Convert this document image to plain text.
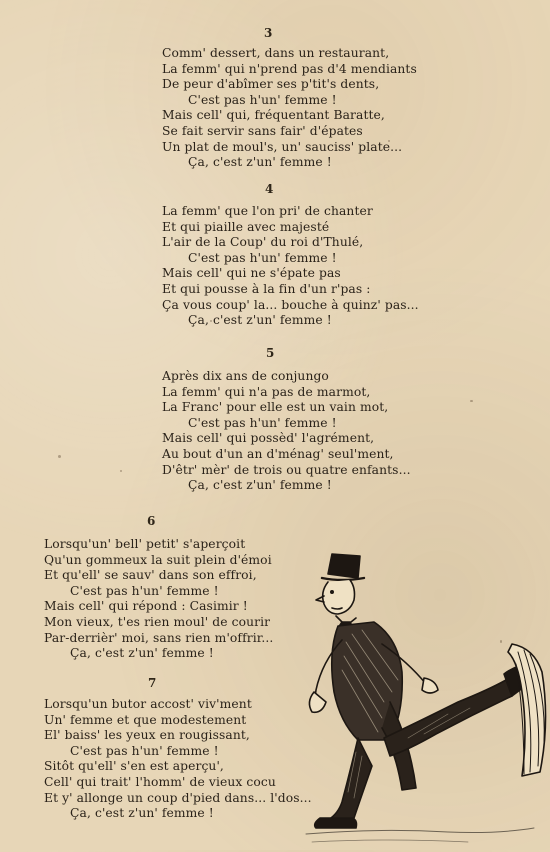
3
Comm' dessert, dans un restaurant,
La femm' qui n'prend pas d'4 mendiants
De peur d'abîmer ses p'tit's dents,
C'est pas h'un' femme !
Mais cell' qui, fréquentant Baratte,
Se fait servir sans fair' d'épates
Un plat de moul's, un' sauciss' plate...
Ça, c'est z'un' femme !
4
La femm' que l'on pri' de chanter
Et qui piaille avec majesté
L'air de la Coup' du roi d'Thulé,
C'est pas h'un' femme !
Mais cell' qui ne s'épate pas
Et qui pousse à la fin d'un r'pas :
Ça vous coup' la... bouche à quinz' pas...
Ça, c'est z'un' femme !
5
Après dix ans de conjungo
La femm' qui n'a pas de marmot,
La Franc' pour elle est un vain mot,
C'est pas h'un' femme !
Mais cell' qui possèd' l'agrément,
Au bout d'un an d'ménag' seul'ment,
D'êtr' mèr' de trois ou quatre enfants...
Ça, c'est z'un' femme !
6
Lorsqu'un' bell' petit' s'aperçoit
Qu'un gommeux la suit plein d'émoi
Et qu'ell' se sauv' dans son effroi,
C'est pas h'un' femme !
Mais cell' qui répond : Casimir !
Mon vieux, t'es rien moul' de courir
Par-derrièr' moi, sans rien m'offrir...
Ça, c'est z'un' femme !
7
Lorsqu'un butor accost' viv'ment
Un' femme et que modestement
El' baiss' les yeux en rougissant,
C'est pas h'un' femme !
Sitôt qu'ell' s'en est aperçu',
Cell' qui trait' l'homm' de vieux cocu
Et y' allonge un coup d'pied dans... l'dos...
Ça, c'est z'un' femme !
